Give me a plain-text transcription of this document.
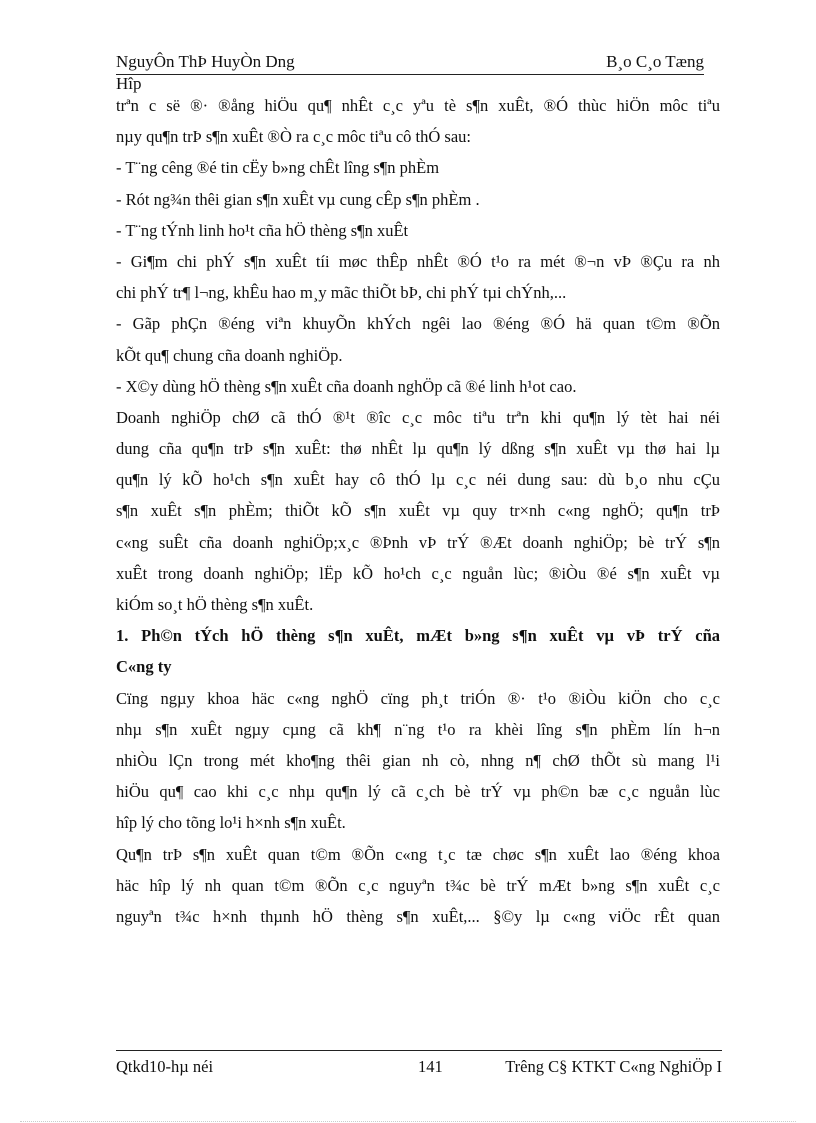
NguyÔn ThÞ HuyÒn Dng	B¸o C¸o Tæng
Hîp
trªn c së ®· ®ång hiÖu qu¶ nhÊt c¸c yªu tè s¶n xuÊt, ®Ó thùc hiÖn môc tiªu
nµy qu¶n trÞ s¶n xuÊt ®Ò ra c¸c môc tiªu cô thÓ sau:
- T¨ng cêng ®é tin cËy b»ng chÊt lîng s¶n phÈm
- Rót ng¾n thêi gian s¶n xuÊt vµ cung cÊp s¶n phÈm .
- T¨ng tÝnh linh ho¹t cña hÖ thèng s¶n xuÊt
- Gi¶m chi phÝ s¶n xuÊt tíi møc thÊp nhÊt ®Ó t¹o ra mét ®¬n vÞ ®Çu ra nh
chi phÝ tr¶ l¬ng, khÊu hao m¸y mãc thiÕt bÞ, chi phÝ tµi chÝnh,...
- Gãp phÇn ®éng viªn khuyÕn khÝch ngêi lao ®éng ®Ó hä quan t©m ®Õn
kÕt qu¶ chung cña doanh nghiÖp.
- X©y dùng hÖ thèng s¶n xuÊt cña doanh nghÖp cã ®é linh h¹ot cao.
Doanh nghiÖp chØ cã thÓ ®¹t ®îc c¸c môc tiªu trªn khi qu¶n lý tèt hai néi
dung cña qu¶n trÞ s¶n xuÊt: thø nhÊt lµ qu¶n lý dßng s¶n xuÊt vµ thø hai lµ
qu¶n lý kÕ ho¹ch s¶n xuÊt hay cô thÓ lµ c¸c néi dung sau: dù b¸o nhu cÇu
s¶n xuÊt s¶n phÈm; thiÕt kÕ s¶n xuÊt vµ quy tr×nh c«ng nghÖ; qu¶n trÞ
c«ng suÊt cña doanh nghiÖp;x¸c ®Þnh vÞ trÝ ®Æt doanh nghiÖp; bè trÝ s¶n
xuÊt trong doanh nghiÖp; lËp kÕ ho¹ch c¸c nguån lùc; ®iÒu ®é s¶n xuÊt vµ
kiÓm so¸t hÖ thèng s¶n xuÊt.
1. Ph©n tÝch hÖ thèng s¶n xuÊt, mÆt b»ng s¶n xuÊt vµ vÞ trÝ cña
C«ng ty
Cïng ngµy khoa häc c«ng nghÖ cïng ph¸t triÓn ®· t¹o ®iÒu kiÖn cho c¸c
nhµ s¶n xuÊt ngµy cµng cã kh¶ n¨ng t¹o ra khèi lîng s¶n phÈm lín h¬n
nhiÒu lÇn trong mét kho¶ng thêi gian nh cò, nhng n¶ chØ thÕt sù mang l¹i
hiÖu qu¶ cao khi c¸c nhµ qu¶n lý cã c¸ch bè trÝ vµ ph©n bæ c¸c nguån lùc
hîp lý cho tõng lo¹i h×nh s¶n xuÊt.
Qu¶n trÞ s¶n xuÊt quan t©m ®Õn c«ng t¸c tæ chøc s¶n xuÊt lao ®éng khoa
häc hîp lý nh quan t©m ®Õn c¸c nguyªn t¾c bè trÝ mÆt b»ng s¶n xuÊt c¸c
nguyªn t¾c h×nh thµnh hÖ thèng s¶n xuÊt,... §©y lµ c«ng viÖc rÊt quan
Qtkd10-hµ néi	141	Trêng C§ KTKT C«ng NghiÖp I
